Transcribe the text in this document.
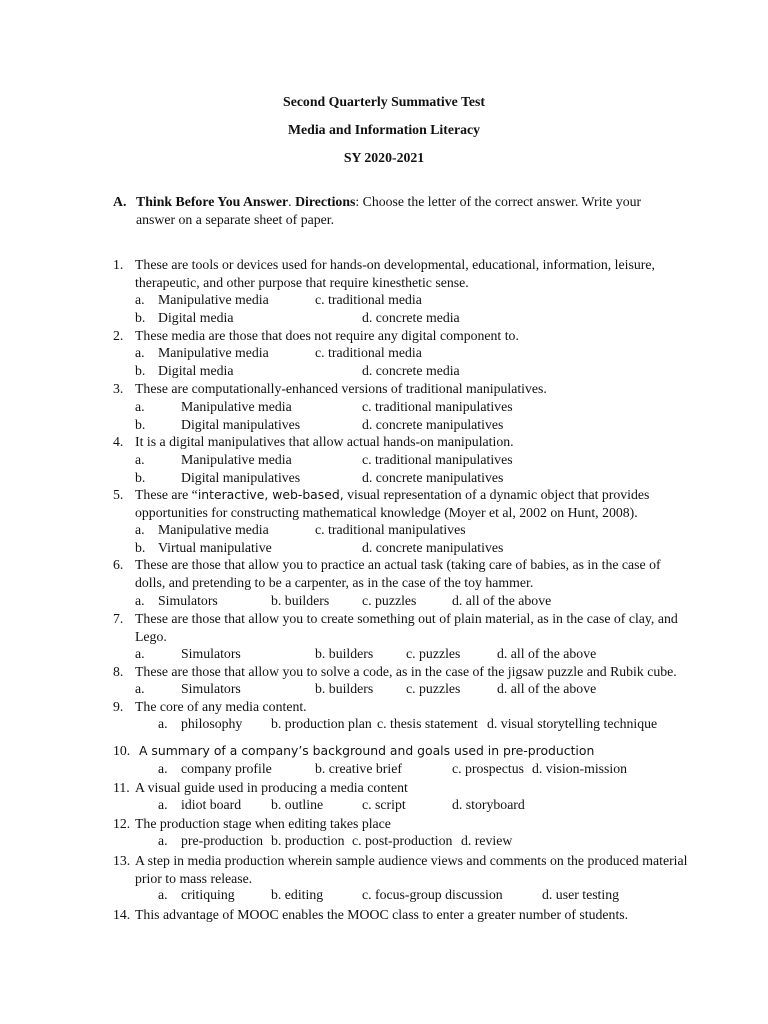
Second Quarterly Summative Test
Media and Information Literacy
SY 2020-2021
A. Think Before You Answer. Directions: Choose the letter of the correct answer. Write your answer on a separate sheet of paper.
1. These are tools or devices used for hands-on developmental, educational, information, leisure, therapeutic, and other purpose that require kinesthetic sense.
a. Manipulative media	c. traditional media
b. Digital media	d. concrete media
2. These media are those that does not require any digital component to.
a. Manipulative media	c. traditional media
b. Digital media	d. concrete media
3. These are computationally-enhanced versions of traditional manipulatives.
a.	Manipulative media	c. traditional manipulatives
b.	Digital manipulatives	d. concrete manipulatives
4. It is a digital manipulatives that allow actual hands-on manipulation.
a.	Manipulative media	c. traditional manipulatives
b.	Digital manipulatives	d. concrete manipulatives
5. These are “interactive, web-based, visual representation of a dynamic object that provides opportunities for constructing mathematical knowledge (Moyer et al, 2002 on Hunt, 2008).
a. Manipulative media	c. traditional manipulatives
b. Virtual manipulative	d. concrete manipulatives
6. These are those that allow you to practice an actual task (taking care of babies, as in the case of dolls, and pretending to be a carpenter, as in the case of the toy hammer.
a. Simulators	b. builders c. puzzles	d. all of the above
7. These are those that allow you to create something out of plain material, as in the case of clay, and Lego.
a.	Simulators	b. builders c. puzzles	d. all of the above
8. These are those that allow you to solve a code, as in the case of the jigsaw puzzle and Rubik cube.
a.	Simulators	b. builders c. puzzles	d. all of the above
9. The core of any media content.
a. philosophy b. production plan c. thesis statement d. visual storytelling technique
10. A summary of a company’s background and goals used in pre-production
a. company profile	b. creative brief	c. prospectus d. vision-mission
11. A visual guide used in producing a media content
a. idiot board b. outline	c. script	d. storyboard
12. The production stage when editing takes place
a. pre-production b. production c. post-production d. review
13. A step in media production wherein sample audience views and comments on the produced material prior to mass release.
a. critiquing	b. editing	c. focus-group discussion	d. user testing
14. This advantage of MOOC enables the MOOC class to enter a greater number of students.
